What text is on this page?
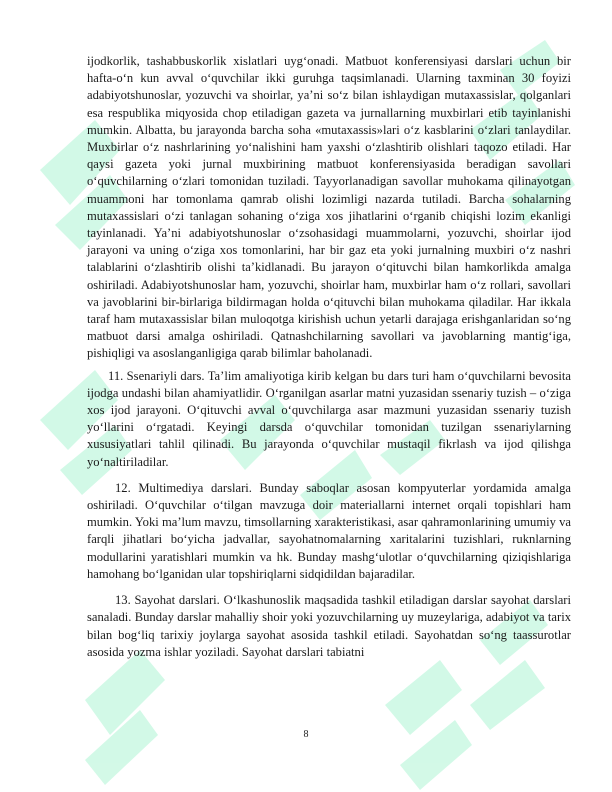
ijodkorlik, tashabbuskorlik xislatlari uyg‘onadi. Matbuot konferensiyasi darslari uchun bir hafta-o‘n kun avval o‘quvchilar ikki guruhga taqsimlanadi. Ularning taxminan 30 foyizi adabiyotshunoslar, yozuvchi va shoirlar, ya’ni so‘z bilan ishlaydigan mutaxassislar, qolganlari esa respublika miqyosida chop etiladigan gazeta va jurnallarning muxbirlari etib tayinlanishi mumkin. Albatta, bu jarayonda barcha soha «mutaxassis»lari o‘z kasblarini o‘zlari tanlaydilar. Muxbirlar o‘z nashrlarining yo‘nalishini ham yaxshi o‘zlashtirib olishlari taqozo etiladi. Har qaysi gazeta yoki jurnal muxbirining matbuot konferensiyasida beradigan savollari o‘quvchilarning o‘zlari tomonidan tuziladi. Tayyorlanadigan savollar muhokama qilinayotgan muammoni har tomonlama qamrab olishi lozimligi nazarda tutiladi. Barcha sohalarning mutaxassislari o‘zi tanlagan sohaning o‘ziga xos jihatlarini o‘rganib chiqishi lozim ekanligi tayinlanadi. Ya’ni adabiyotshunoslar o‘zsohasidagi muammolarni, yozuvchi, shoirlar ijod jarayoni va uning o‘ziga xos tomonlarini, har bir gaz eta yoki jurnalning muxbiri o‘z nashri talablarini o‘zlashtirib olishi ta’kidlanadi. Bu jarayon o‘qituvchi bilan hamkorlikda amalga oshiriladi. Adabiyotshunoslar ham, yozuvchi, shoirlar ham, muxbirlar ham o‘z rollari, savollari va javoblarini bir-birlariga bildirmagan holda o‘qituvchi bilan muhokama qiladilar. Har ikkala taraf ham mutaxassislar bilan muloqotga kirishish uchun yetarli darajaga erishganlaridan so‘ng matbuot darsi amalga oshiriladi. Qatnashchilarning savollari va javoblarning mantig‘iga, pishiqligi va asoslanganligiga qarab bilimlar baholanadi.

11. Ssenariyli dars. Ta’lim amaliyotiga kirib kelgan bu dars turi ham o‘quvchilarni bevosita ijodga undashi bilan ahamiyatlidir. O‘rganilgan asarlar matni yuzasidan ssenariy tuzish – o‘ziga xos ijod jarayoni. O‘qituvchi avval o‘quvchilarga asar mazmuni yuzasidan ssenariy tuzish yo‘llarini o‘rgatadi. Keyingi darsda o‘quvchilar tomonidan tuzilgan ssenariylarning xususiyatlari tahlil qilinadi. Bu jarayonda o‘quvchilar mustaqil fikrlash va ijod qilishga yo‘naltiriladilar.

12. Multimediya darslari. Bunday saboqlar asosan kompyuterlar yordamida amalga oshiriladi. O‘quvchilar o‘tilgan mavzuga doir materiallarni internet orqali topishlari ham mumkin. Yoki ma’lum mavzu, timsollarning xarakteristikasi, asar qahramonlarining umumiy va farqli jihatlari bo‘yicha jadvallar, sayohatnomalarning xaritalarini tuzishlari, ruknlarning modullarini yaratishlari mumkin va hk. Bunday mashg‘ulotlar o‘quvchilarning qiziqishlariga hamohang bo‘lganidan ular topshiriqlarni sidqidildan bajaradilar.

13. Sayohat darslari. O‘lkashunoslik maqsadida tashkil etiladigan darslar sayohat darslari sanaladi. Bunday darslar mahalliy shoir yoki yozuvchilarning uy muzeylariga, adabiyot va tarix bilan bog‘liq tarixiy joylarga sayohat asosida tashkil etiladi. Sayohatdan so‘ng taassurotlar asosida yozma ishlar yoziladi. Sayohat darslari tabiatni

8
